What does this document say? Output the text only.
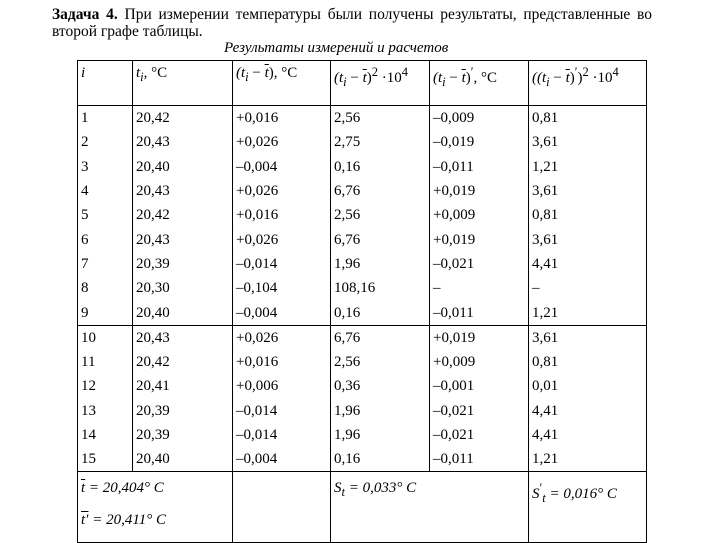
Задача 4. При измерении температуры были получены результаты, представленные во второй графе таблицы.
Результаты измерений и расчетов
i	$t_i$, °C	$(t_i - \overline{t})$, °C	$(t_i - \overline{t})^2 \cdot 10^4$	$(t_i - \overline{t})'$, °C	$((t_i - \overline{t})')^2 \cdot 10^4$
1	20,42	+0,016	2,56	–0,009	0,81
2	20,43	+0,026	2,75	–0,019	3,61
3	20,40	–0,004	0,16	–0,011	1,21
4	20,43	+0,026	6,76	+0,019	3,61
5	20,42	+0,016	2,56	+0,009	0,81
6	20,43	+0,026	6,76	+0,019	3,61
7	20,39	–0,014	1,96	–0,021	4,41
8	20,30	–0,104	108,16	–	–
9	20,40	–0,004	0,16	–0,011	1,21
10	20,43	+0,026	6,76	+0,019	3,61
11	20,42	+0,016	2,56	+0,009	0,81
12	20,41	+0,006	0,36	–0,001	0,01
13	20,39	–0,014	1,96	–0,021	4,41
14	20,39	–0,014	1,96	–0,021	4,41
15	20,40	–0,004	0,16	–0,011	1,21

$\overline{t} = 20,404^\circ$ C
t′ = 20,411° C			$S_t = 0,033^\circ$ C		$S'_t = 0,016^\circ$ C
